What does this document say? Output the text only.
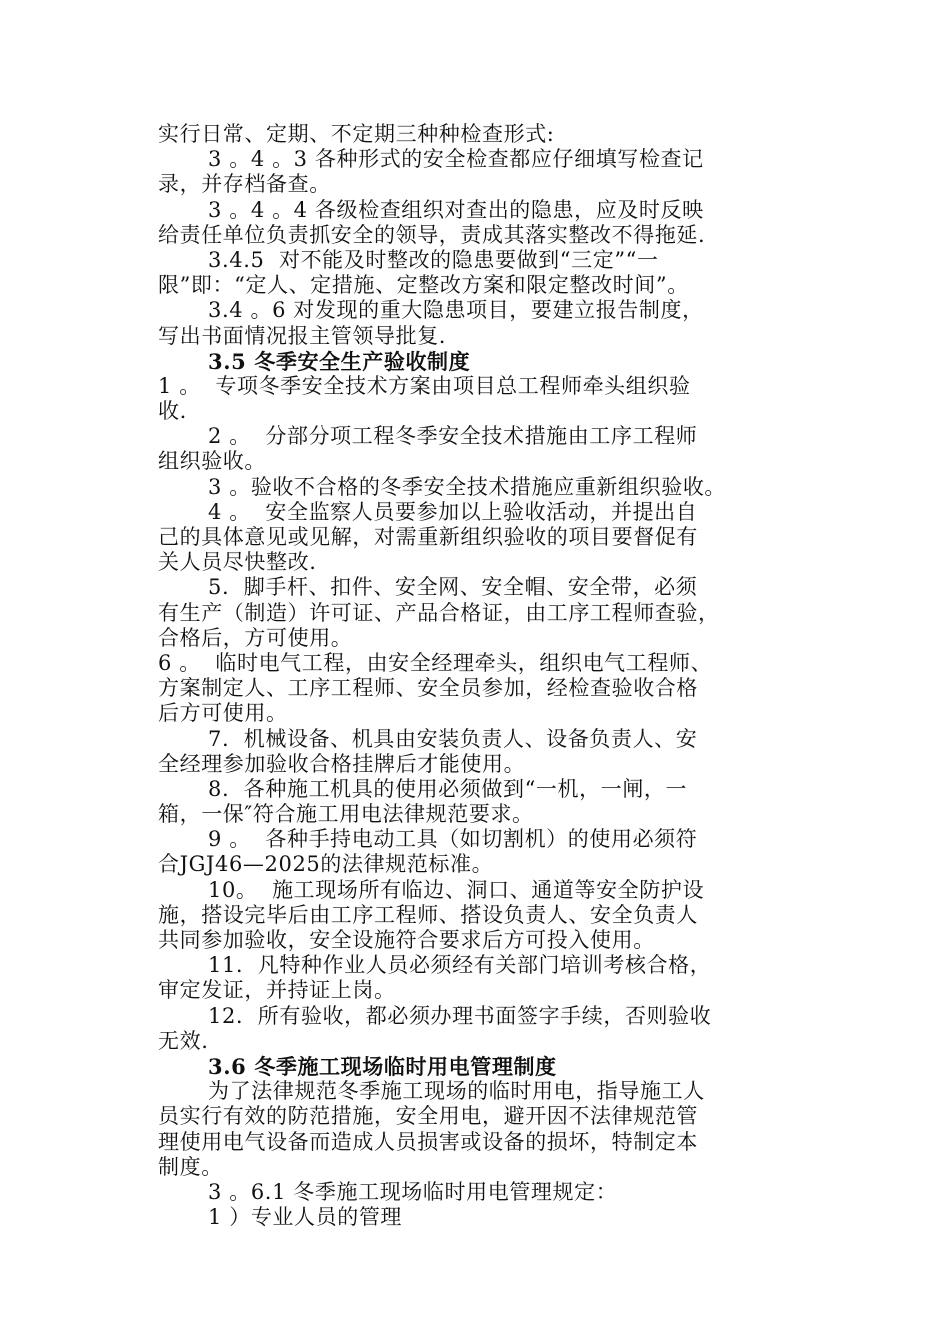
实行日常、定期、不定期三种种检查形式:
3 。4 。3 各种形式的安全检查都应仔细填写检查记
录，并存档备查。
3 。4 。4 各级检查组织对查出的隐患，应及时反映
给责任单位负责抓安全的领导，责成其落实整改不得拖延.
3.4.5  对不能及时整改的隐患要做到“三定”“一
限”即：“定人、定措施、定整改方案和限定整改时间”。
3.4 。6 对发现的重大隐患项目，要建立报告制度，
写出书面情况报主管领导批复.
3.5 冬季安全生产验收制度
1 。  专项冬季安全技术方案由项目总工程师牵头组织验
收.
2 。  分部分项工程冬季安全技术措施由工序工程师
组织验收。
3 。验收不合格的冬季安全技术措施应重新组织验收。
4 。  安全监察人员要参加以上验收活动，并提出自
己的具体意见或见解，对需重新组织验收的项目要督促有
关人员尽快整改.
5.  脚手杆、扣件、安全网、安全帽、安全带，必须
有生产（制造）许可证、产品合格证，由工序工程师查验，
合格后，方可使用。
6 。  临时电气工程，由安全经理牵头，组织电气工程师、
方案制定人、工序工程师、安全员参加，经检查验收合格
后方可使用。
7.  机械设备、机具由安装负责人、设备负责人、安
全经理参加验收合格挂牌后才能使用。
8.  各种施工机具的使用必须做到“一机，一闸，一
箱，一保″符合施工用电法律规范要求。
9 。  各种手持电动工具（如切割机）的使用必须符
合JGJ46—2025的法律规范标准。
10。  施工现场所有临边、洞口、通道等安全防护设
施，搭设完毕后由工序工程师、搭设负责人、安全负责人
共同参加验收，安全设施符合要求后方可投入使用。
11.  凡特种作业人员必须经有关部门培训考核合格，
审定发证，并持证上岗。
12.  所有验收，都必须办理书面签字手续，否则验收
无效.
3.6 冬季施工现场临时用电管理制度
为了法律规范冬季施工现场的临时用电，指导施工人
员实行有效的防范措施，安全用电，避开因不法律规范管
理使用电气设备而造成人员损害或设备的损坏，特制定本
制度。
3 。6.1 冬季施工现场临时用电管理规定：
1 ）专业人员的管理
